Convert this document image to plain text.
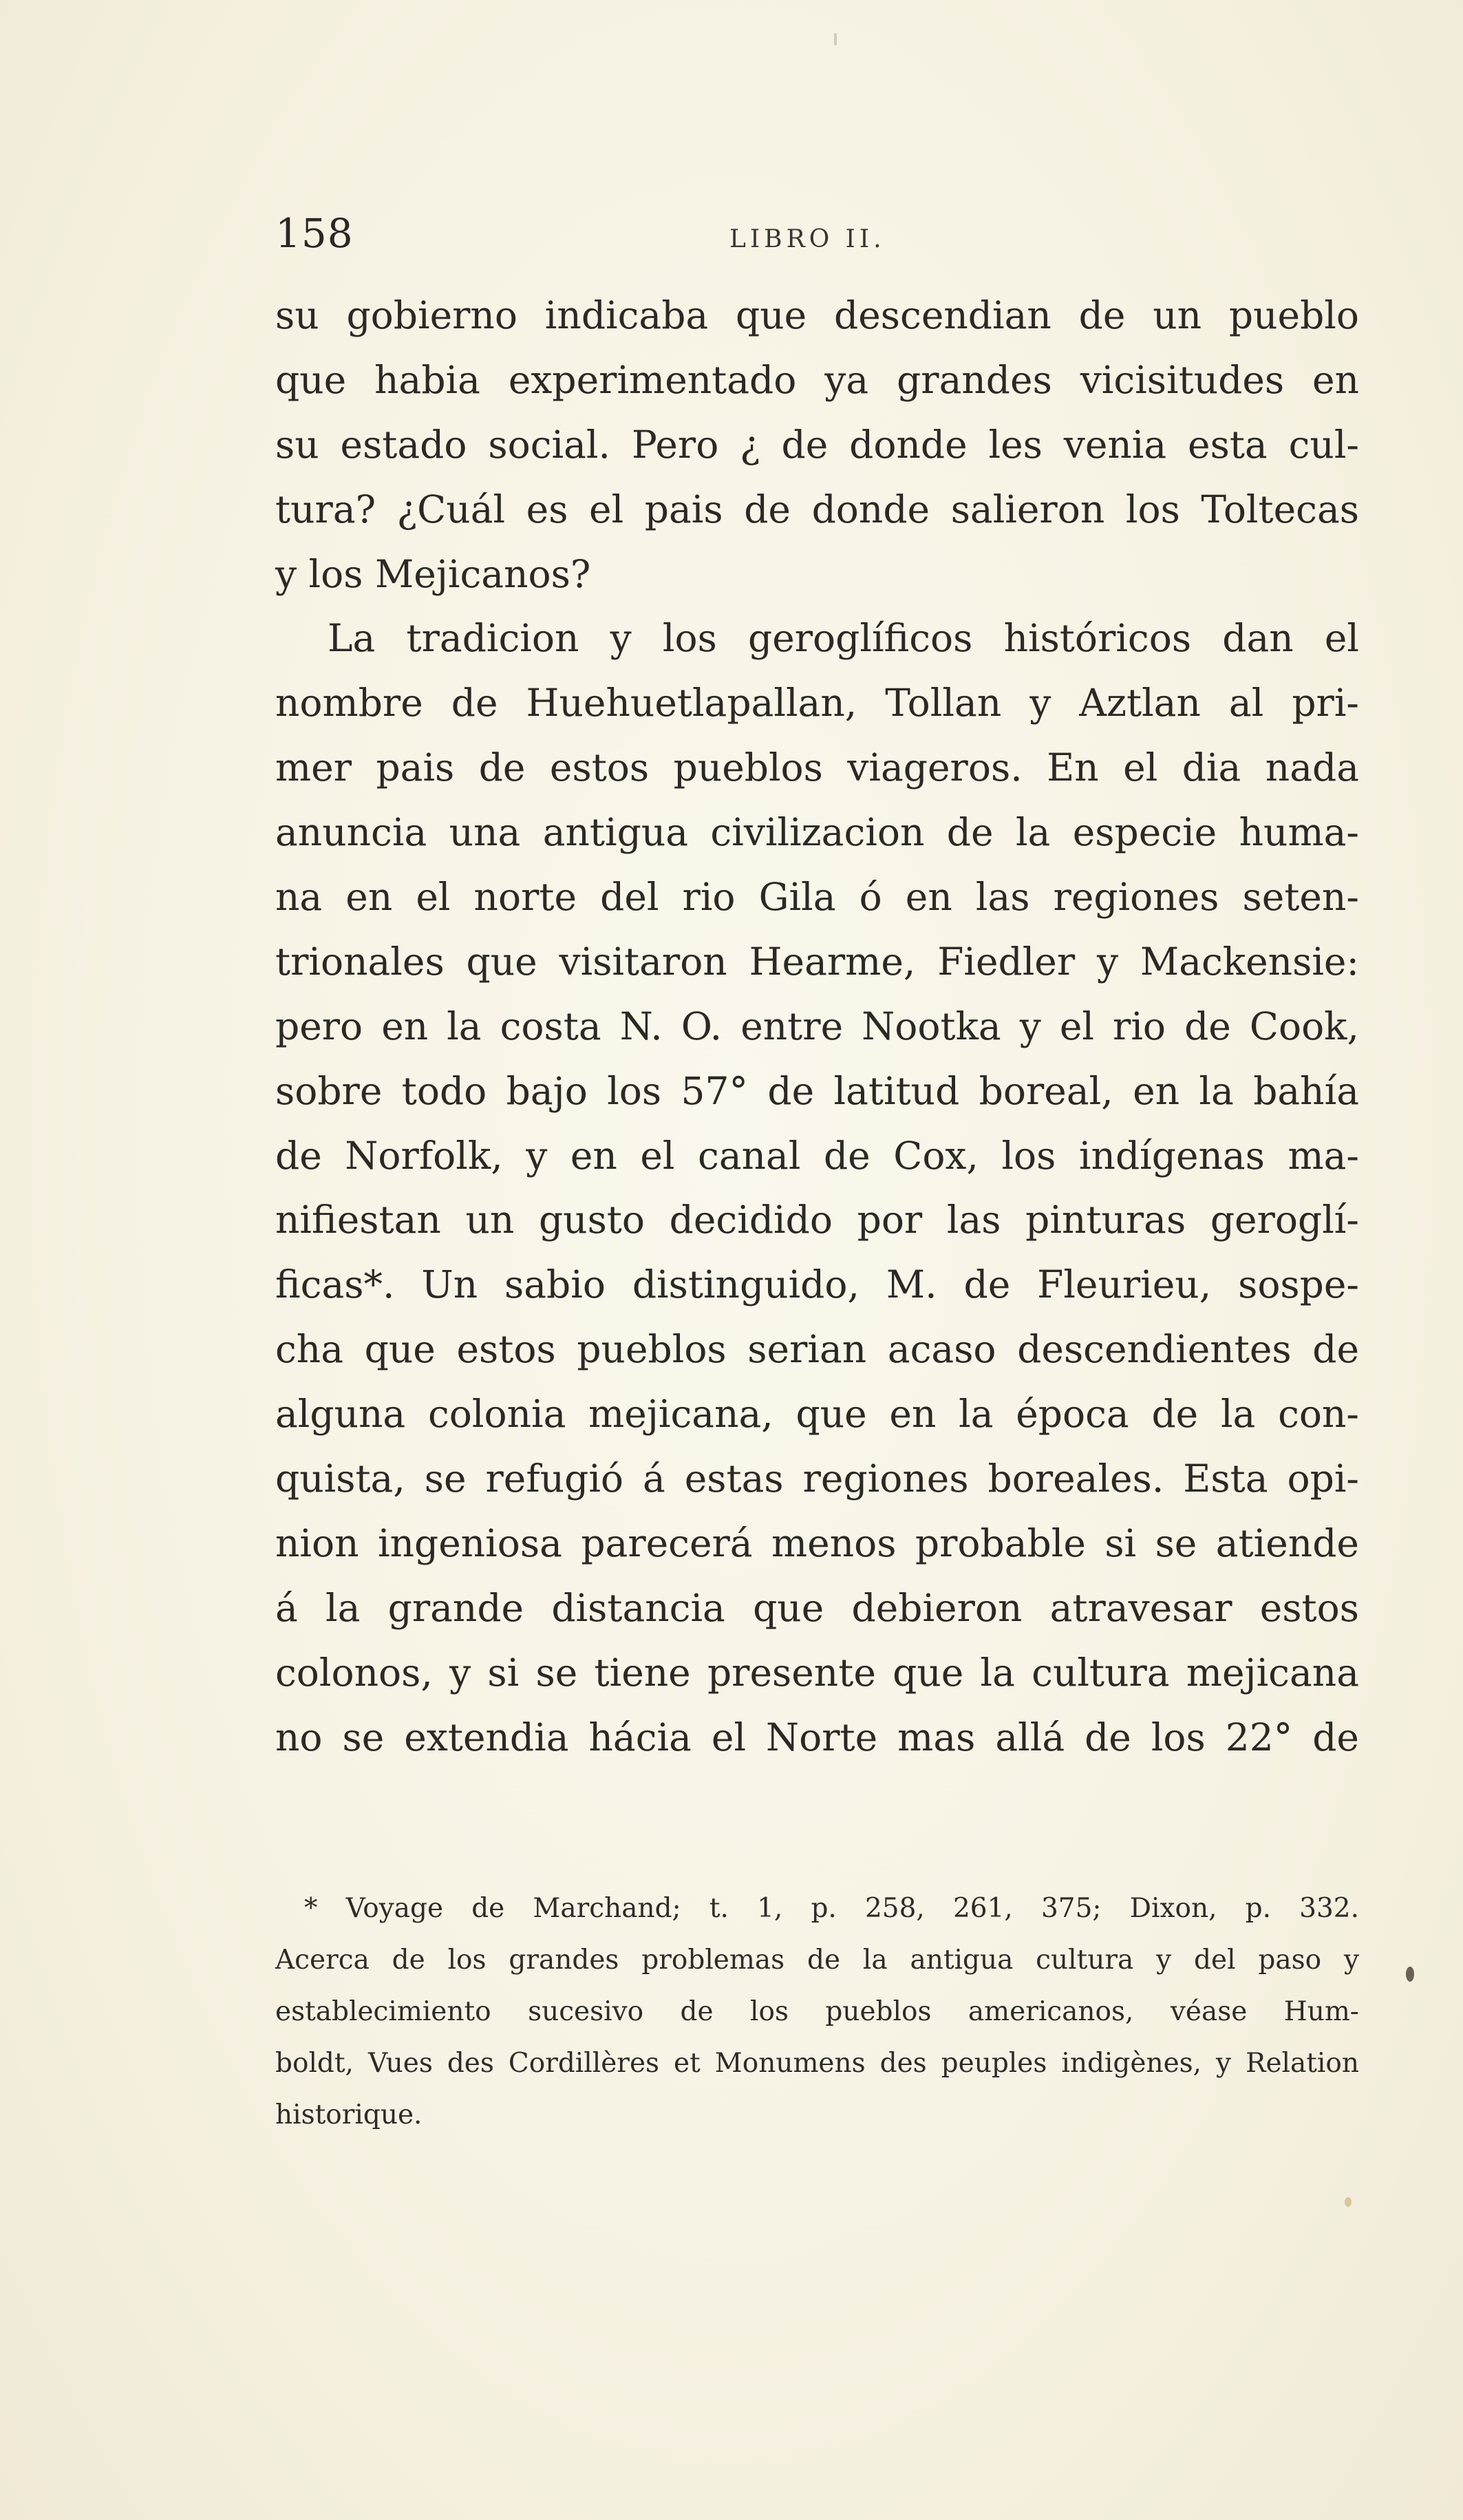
158	LIBRO II.
su gobierno indicaba que descendian de un pueblo
que habia experimentado ya grandes vicisitudes en
su estado social. Pero ¿ de donde les venia esta cul-
tura? ¿Cuál es el pais de donde salieron los Toltecas
y los Mejicanos?
La tradicion y los geroglíficos históricos dan el
nombre de Huehuetlapallan, Tollan y Aztlan al pri-
mer pais de estos pueblos viageros. En el dia nada
anuncia una antigua civilizacion de la especie huma-
na en el norte del rio Gila ó en las regiones seten-
trionales que visitaron Hearme, Fiedler y Mackensie:
pero en la costa N. O. entre Nootka y el rio de Cook,
sobre todo bajo los 57° de latitud boreal, en la bahía
de Norfolk, y en el canal de Cox, los indígenas ma-
nifiestan un gusto decidido por las pinturas geroglí-
ficas*. Un sabio distinguido, M. de Fleurieu, sospe-
cha que estos pueblos serian acaso descendientes de
alguna colonia mejicana, que en la época de la con-
quista, se refugió á estas regiones boreales. Esta opi-
nion ingeniosa parecerá menos probable si se atiende
á la grande distancia que debieron atravesar estos
colonos, y si se tiene presente que la cultura mejicana
no se extendia hácia el Norte mas allá de los 22° de
* Voyage de Marchand; t. 1, p. 258, 261, 375; Dixon, p. 332.
Acerca de los grandes problemas de la antigua cultura y del paso y
establecimiento sucesivo de los pueblos americanos, véase Hum-
boldt, Vues des Cordillères et Monumens des peuples indigènes, y Relation
historique.
